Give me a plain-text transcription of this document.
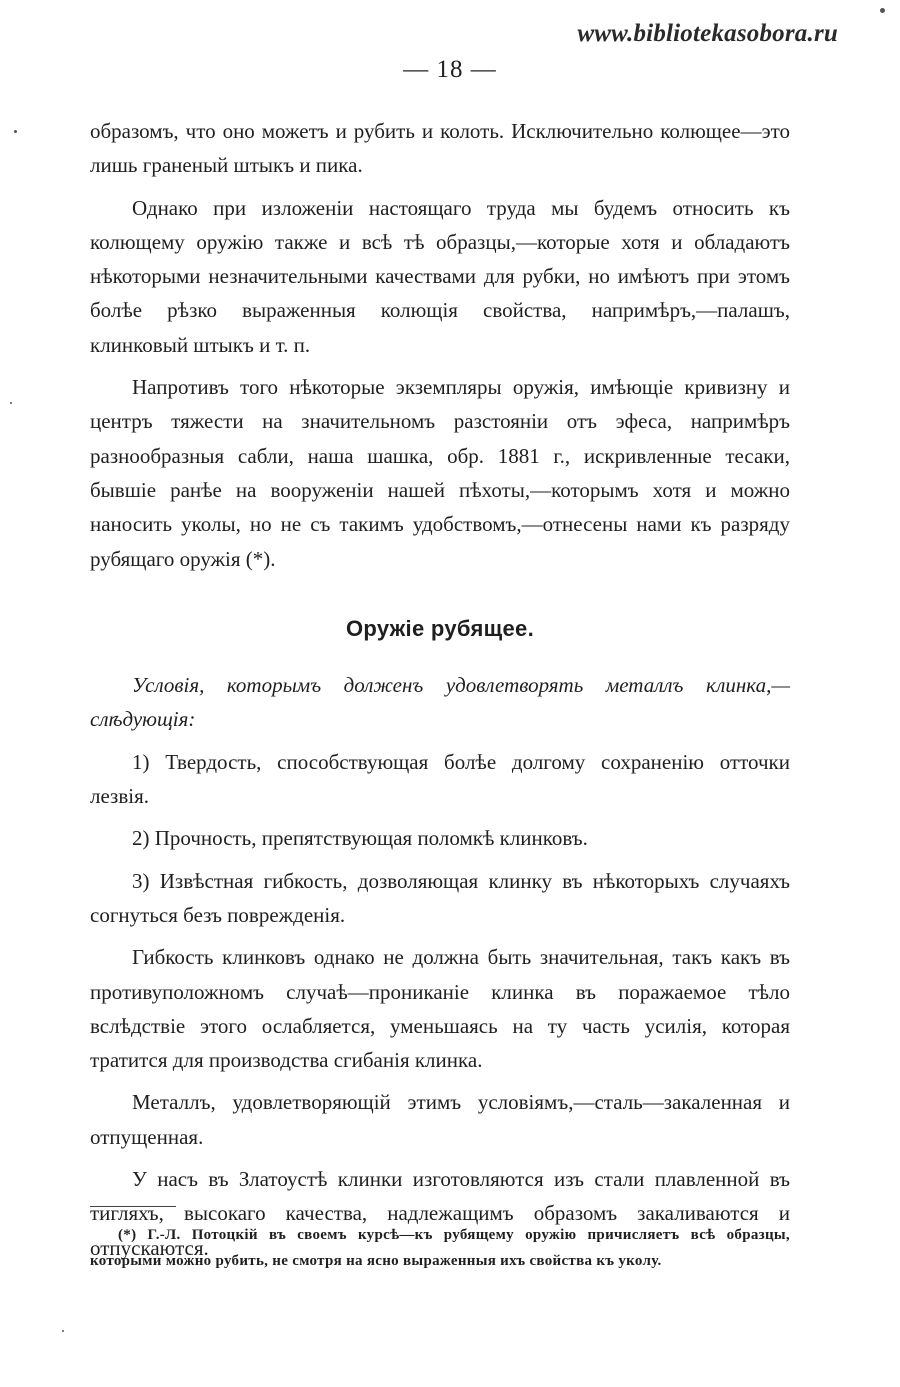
www.bibliotekasobora.ru
— 18 —

образомъ, что оно можетъ и рубить и колоть. Исключительно колющее—это лишь граненый штыкъ и пика.

Однако при изложенiи настоящаго труда мы будемъ относить къ колющему оружiю также и всѣ тѣ образцы,—которые хотя и обладаютъ нѣкоторыми незначительными качествами для рубки, но имѣютъ при этомъ болѣе рѣзко выраженныя колющiя свойства, напримѣръ,—палашъ, клинковый штыкъ и т. п.

Напротивъ того нѣкоторые экземпляры оружiя, имѣющiе кривизну и центръ тяжести на значительномъ разстоянiи отъ эфеса, напримѣръ разнообразныя сабли, наша шашка, обр. 1881 г., искривленные тесаки, бывшiе ранѣе на вооруженiи нашей пѣхоты,—которымъ хотя и можно наносить уколы, но не съ такимъ удобствомъ,—отнесены нами къ разряду рубящаго оружiя (*).

Оружiе рубящее.

Условiя, которымъ долженъ удовлетворять металлъ клинка,—слѣдующiя:

1) Твердость, способствующая болѣе долгому сохраненiю отточки лезвiя.

2) Прочность, препятствующая поломкѣ клинковъ.

3) Извѣстная гибкость, дозволяющая клинку въ нѣкоторыхъ случаяхъ согнуться безъ поврежденiя.

Гибкость клинковъ однако не должна быть значительная, такъ какъ въ противуположномъ случаѣ—прониканiе клинка въ поражаемое тѣло вслѣдствiе этого ослабляется, уменьшаясь на ту часть усилiя, которая тратится для производства сгибанiя клинка.

Металлъ, удовлетворяющiй этимъ условiямъ,—сталь—закаленная и отпущенная.

У насъ въ Златоустѣ клинки изготовляются изъ стали плавленной въ тигляхъ, высокаго качества, надлежащимъ образомъ закаливаются и отпускаются.

(*) Г.-Л. Потоцкiй въ своемъ курсѣ—къ рубящему оружiю причисляетъ всѣ образцы, которыми можно рубить, не смотря на ясно выраженныя ихъ свойства къ уколу.
